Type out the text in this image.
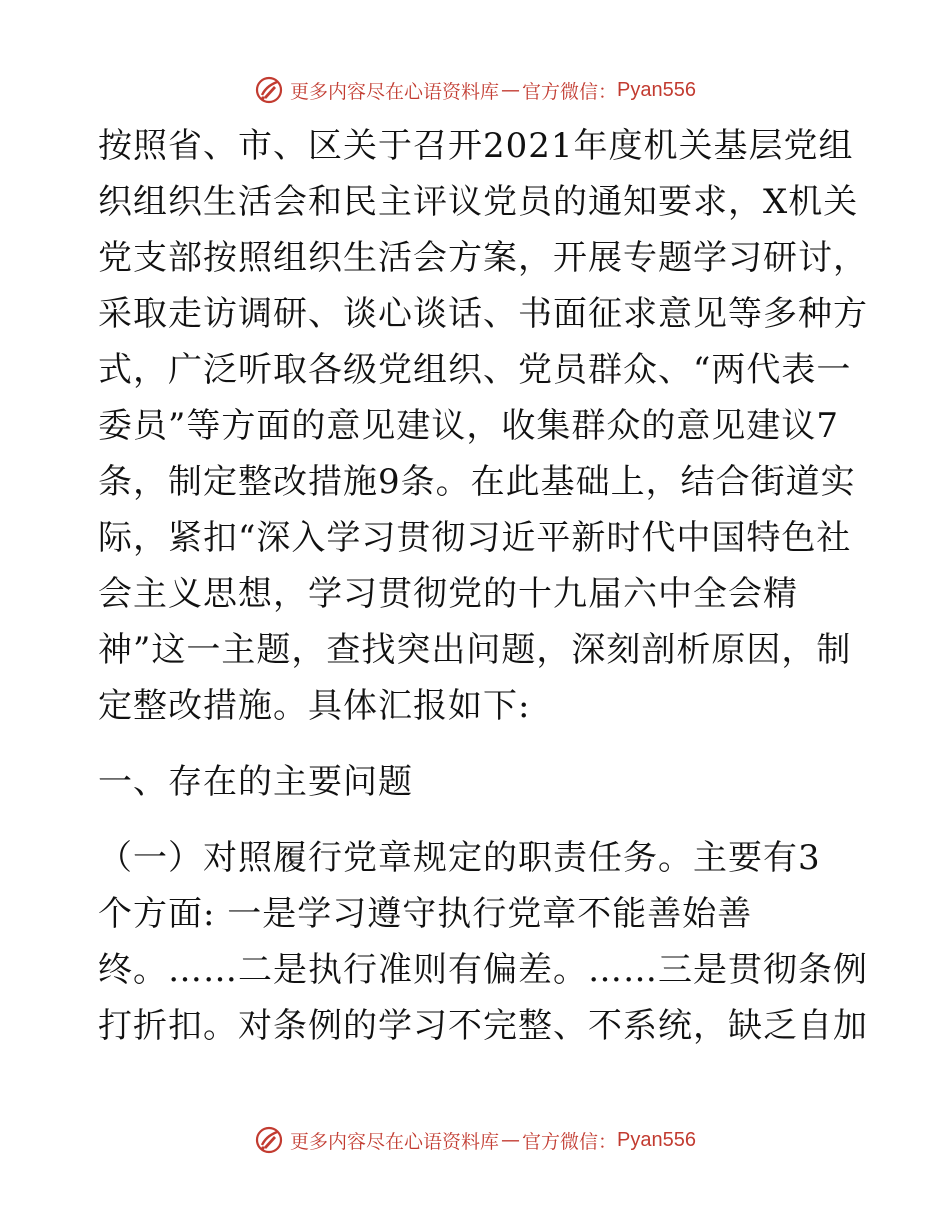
更多内容尽在心语资料库 — 官方微信： Pyan556
按照省、市、区关于召开2021年度机关基层党组
织组织生活会和民主评议党员的通知要求，X机关
党支部按照组织生活会方案，开展专题学习研讨，
采取走访调研、谈心谈话、书面征求意见等多种方
式，广泛听取各级党组织、党员群众、“两代表一
委员”等方面的意见建议，收集群众的意见建议7
条，制定整改措施9条。在此基础上，结合街道实
际，紧扣“深入学习贯彻习近平新时代中国特色社
会主义思想，学习贯彻党的十九届六中全会精
神”这一主题，查找突出问题，深刻剖析原因，制
定整改措施。具体汇报如下:
一、存在的主要问题
（一）对照履行党章规定的职责任务。主要有3
个方面: 一是学习遵守执行党章不能善始善
终。……二是执行准则有偏差。……三是贯彻条例
打折扣。对条例的学习不完整、不系统，缺乏自加
更多内容尽在心语资料库 — 官方微信： Pyan556
